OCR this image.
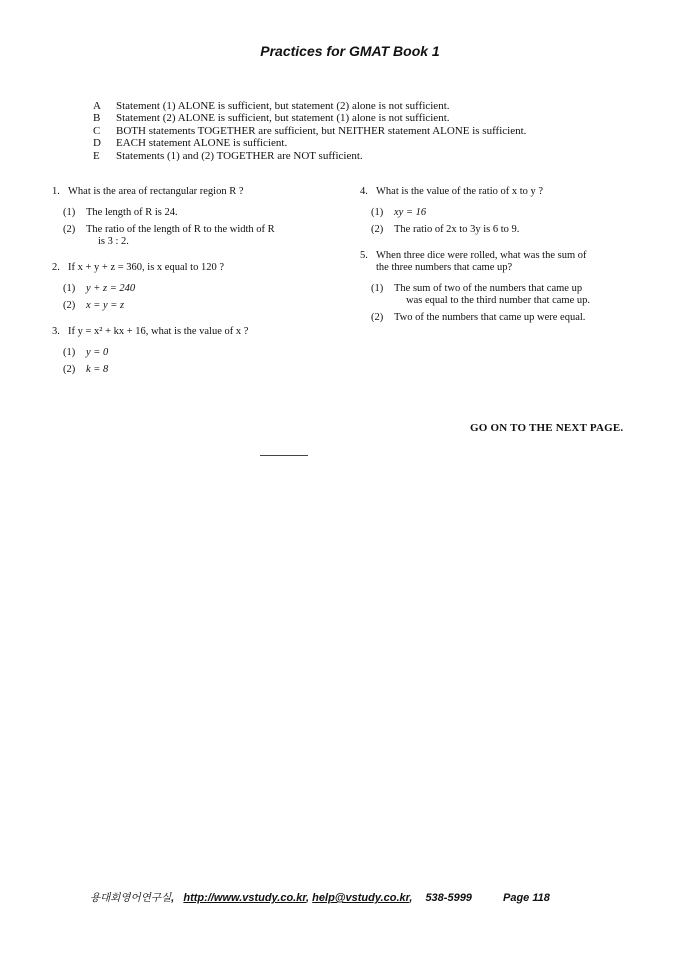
Practices for GMAT Book 1
A	Statement (1) ALONE is sufficient, but statement (2) alone is not sufficient.
B	Statement (2) ALONE is sufficient, but statement (1) alone is not sufficient.
C	BOTH statements TOGETHER are sufficient, but NEITHER statement ALONE is sufficient.
D	EACH statement ALONE is sufficient.
E	Statements (1) and (2) TOGETHER are NOT sufficient.
1. What is the area of rectangular region R ?
(1)	The length of R is 24.
(2)	The ratio of the length of R to the width of R
is 3 : 2.
2. If x + y + z = 360, is x equal to 120 ?
(1)	y + z = 240
(2)	x = y = z
3. If y = x² + kx + 16, what is the value of x ?
(1)	y = 0
(2)	k = 8
4. What is the value of the ratio of x to y ?
(1)	xy = 16
(2)	The ratio of 2x to 3y is 6 to 9.
5. When three dice were rolled, what was the sum of
the three numbers that came up?
(1)	The sum of two of the numbers that came up
was equal to the third number that came up.
(2)	Two of the numbers that came up were equal.
GO ON TO THE NEXT PAGE.
용대회영어연구실, http://www.vstudy.co.kr, help@vstudy.co.kr, 538-5999	Page 118
